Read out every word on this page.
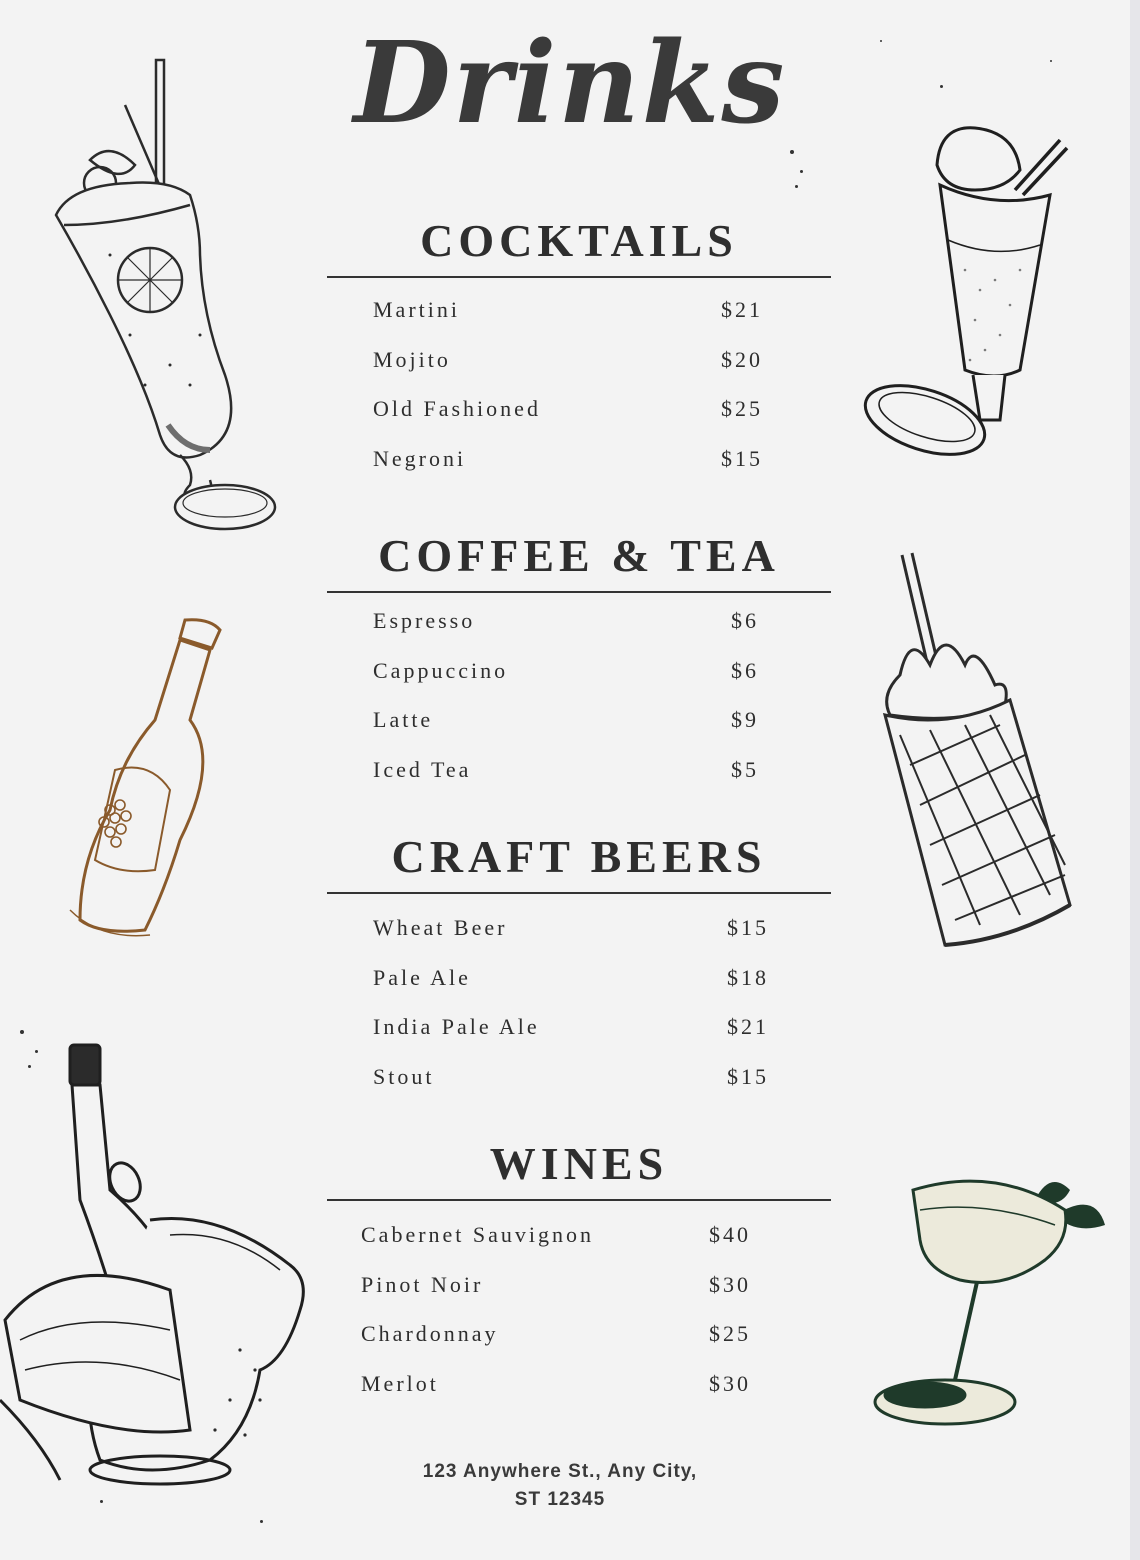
Drinks
COCKTAILS
Martini	$21
Mojito	$20
Old Fashioned	$25
Negroni	$15
COFFEE & TEA
Espresso	$6
Cappuccino	$6
Latte	$9
Iced Tea	$5
CRAFT BEERS
Wheat Beer	$15
Pale Ale	$18
India Pale Ale	$21
Stout	$15
WINES
Cabernet Sauvignon	$40
Pinot Noir	$30
Chardonnay	$25
Merlot	$30
123 Anywhere St., Any City,
ST 12345
